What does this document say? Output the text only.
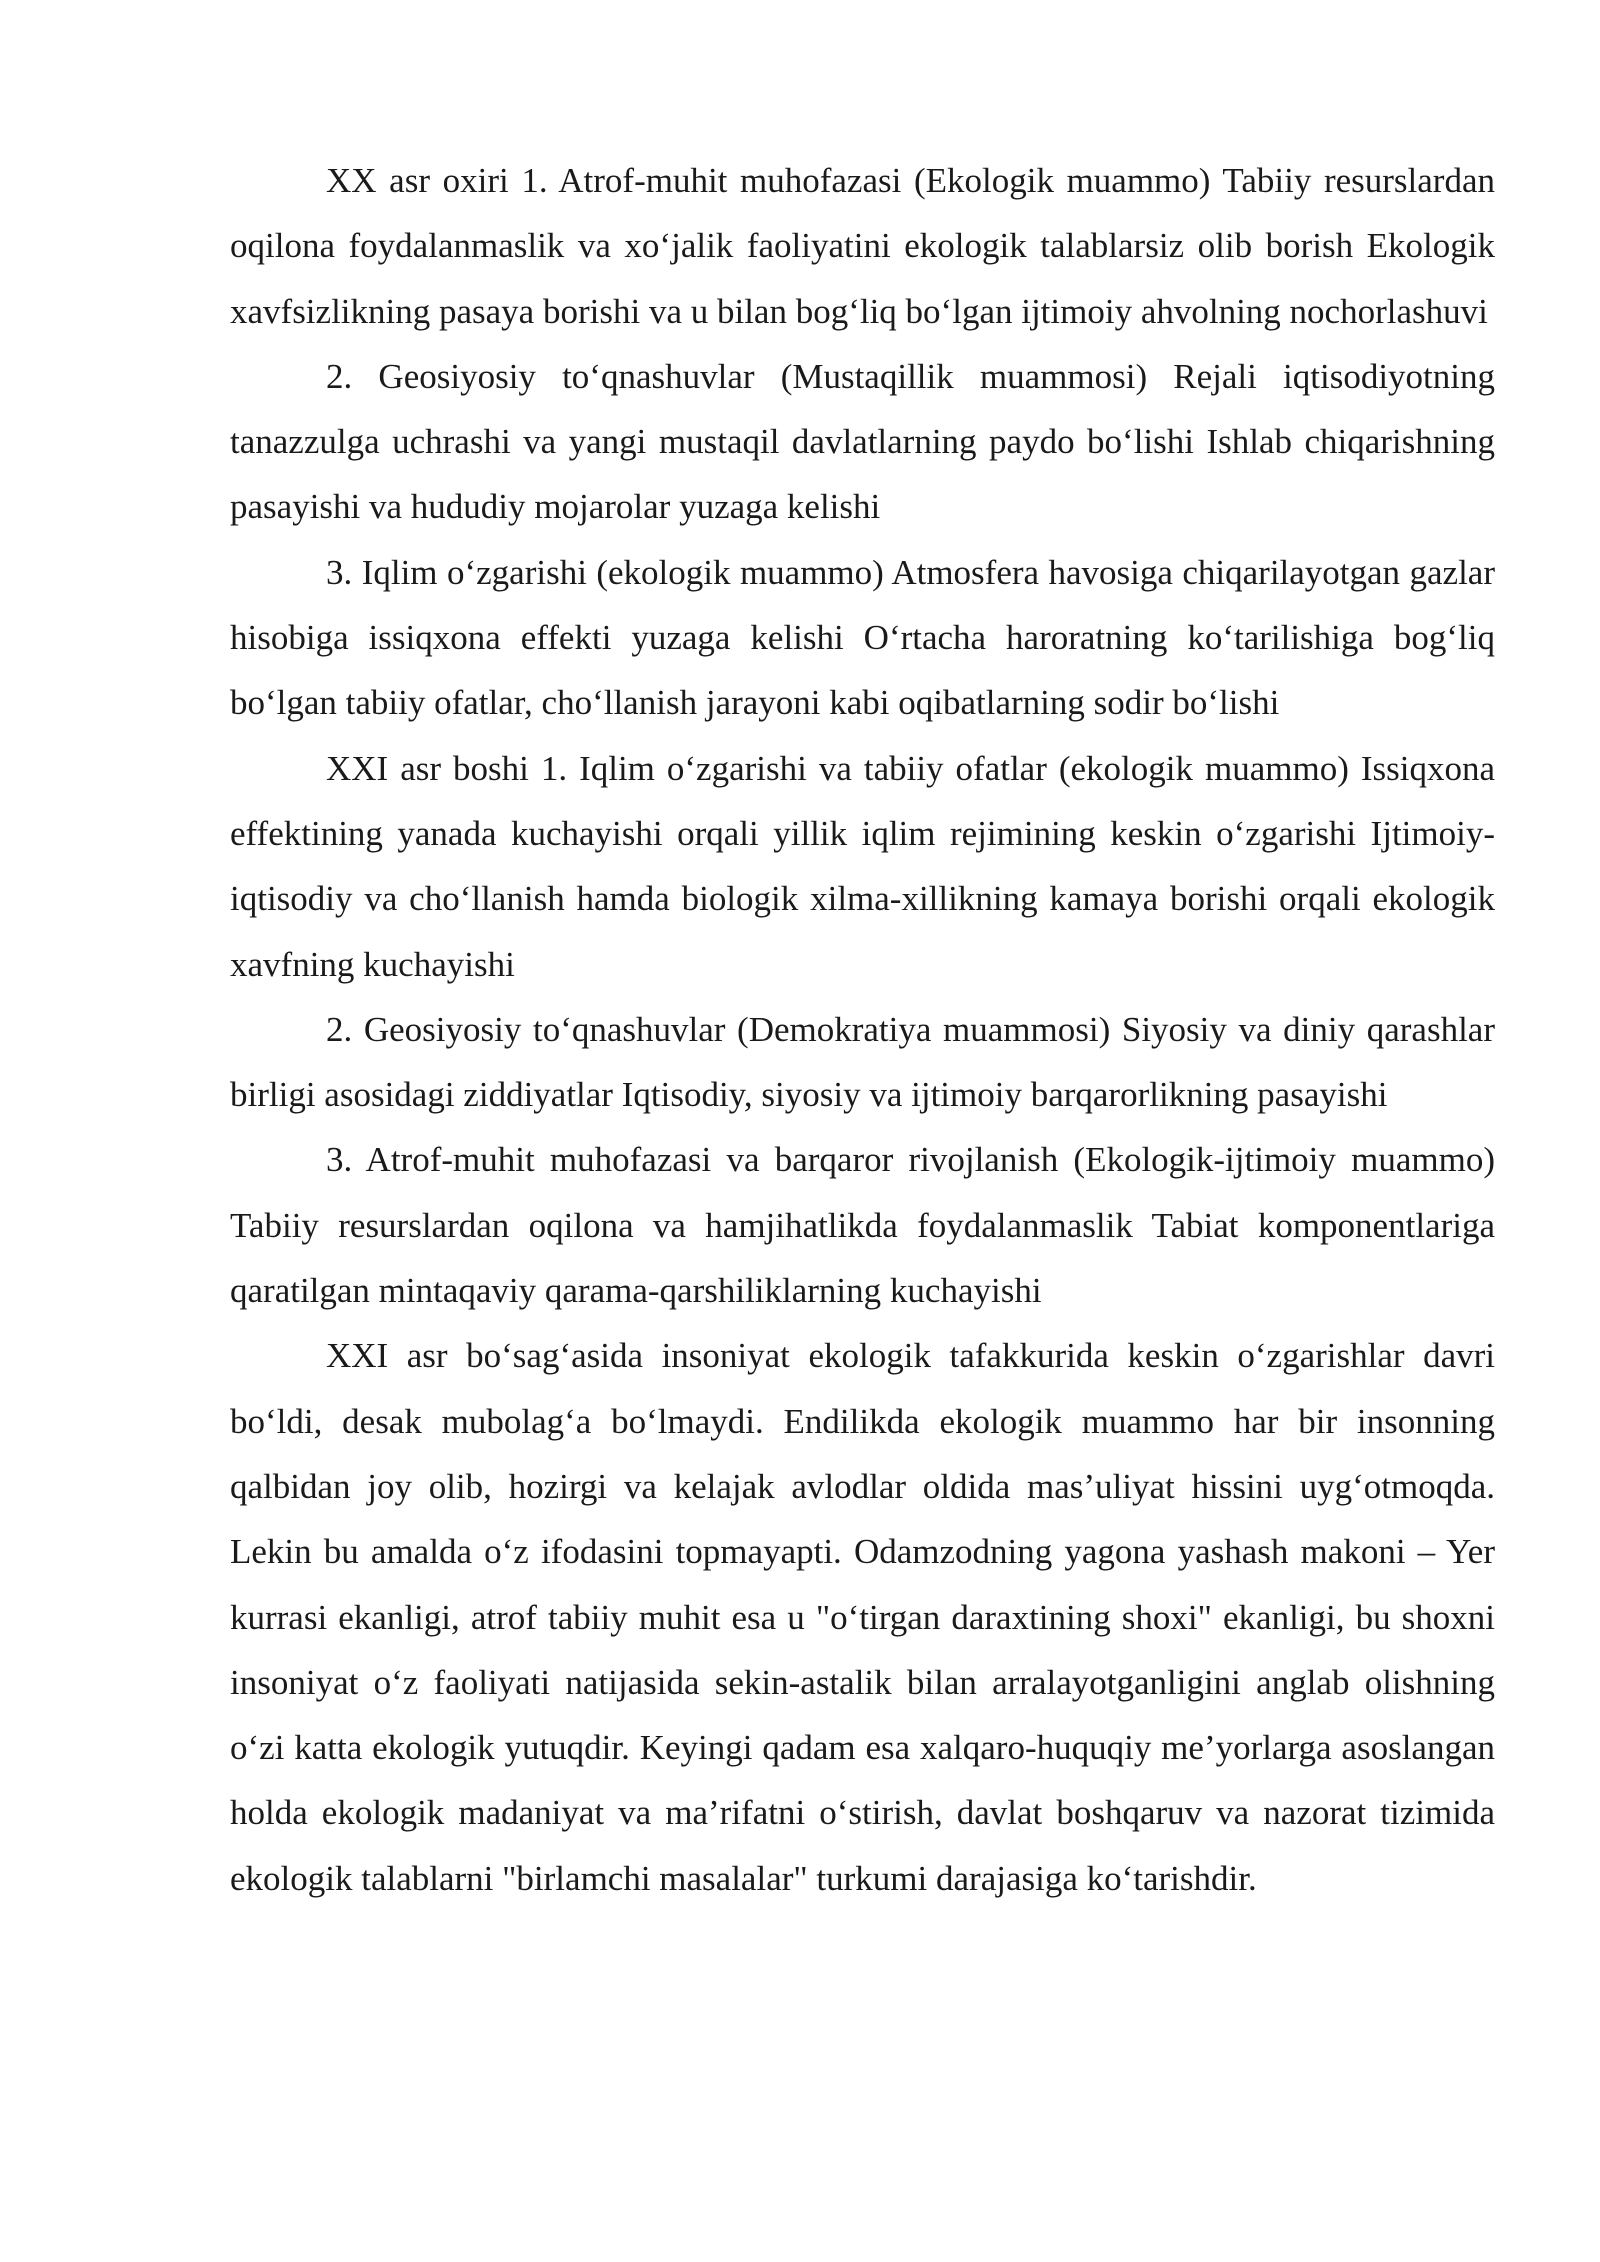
XX asr oxiri 1. Atrof-muhit muhofazasi (Ekologik muammo) Tabiiy resurslardan oqilona foydalanmaslik va xo‘jalik faoliyatini ekologik talablarsiz olib borish Ekologik xavfsizlikning pasaya borishi va u bilan bog‘liq bo‘lgan ijtimoiy ahvolning nochorlashuvi

2. Geosiyosiy to‘qnashuvlar (Mustaqillik muammosi) Rejali iqtisodiyotning tanazzulga uchrashi va yangi mustaqil davlatlarning paydo bo‘lishi Ishlab chiqarishning pasayishi va hududiy mojarolar yuzaga kelishi

3. Iqlim o‘zgarishi (ekologik muammo) Atmosfera havosiga chiqarilayotgan gazlar hisobiga issiqxona effekti yuzaga kelishi O‘rtacha haroratning ko‘tarilishiga bog‘liq bo‘lgan tabiiy ofatlar, cho‘llanish jarayoni kabi oqibatlarning sodir bo‘lishi

XXI asr boshi 1. Iqlim o‘zgarishi va tabiiy ofatlar (ekologik muammo) Issiqxona effektining yanada kuchayishi orqali yillik iqlim rejimining keskin o‘zgarishi Ijtimoiy-iqtisodiy va cho‘llanish hamda biologik xilma-xillikning kamaya borishi orqali ekologik xavfning kuchayishi

2. Geosiyosiy to‘qnashuvlar (Demokratiya muammosi) Siyosiy va diniy qarashlar birligi asosidagi ziddiyatlar Iqtisodiy, siyosiy va ijtimoiy barqarorlikning pasayishi

3. Atrof-muhit muhofazasi va barqaror rivojlanish (Ekologik-ijtimoiy muammo) Tabiiy resurslardan oqilona va hamjihatlikda foydalanmaslik Tabiat komponentlariga qaratilgan mintaqaviy qarama-qarshiliklarning kuchayishi

XXI asr bo‘sag‘asida insoniyat ekologik tafakkurida keskin o‘zgarishlar davri bo‘ldi, desak mubolag‘a bo‘lmaydi. Endilikda ekologik muammo har bir insonning qalbidan joy olib, hozirgi va kelajak avlodlar oldida mas’uliyat hissini uyg‘otmoqda. Lekin bu amalda o‘z ifodasini topmayapti. Odamzodning yagona yashash makoni – Yer kurrasi ekanligi, atrof tabiiy muhit esa u "o‘tirgan daraxtining shoxi" ekanligi, bu shoxni insoniyat o‘z faoliyati natijasida sekin-astalik bilan arralayotganligini anglab olishning o‘zi katta ekologik yutuqdir. Keyingi qadam esa xalqaro-huquqiy me’yorlarga asoslangan holda ekologik madaniyat va ma’rifatni o‘stirish, davlat boshqaruv va nazorat tizimida ekologik talablarni "birlamchi masalalar" turkumi darajasiga ko‘tarishdir.
